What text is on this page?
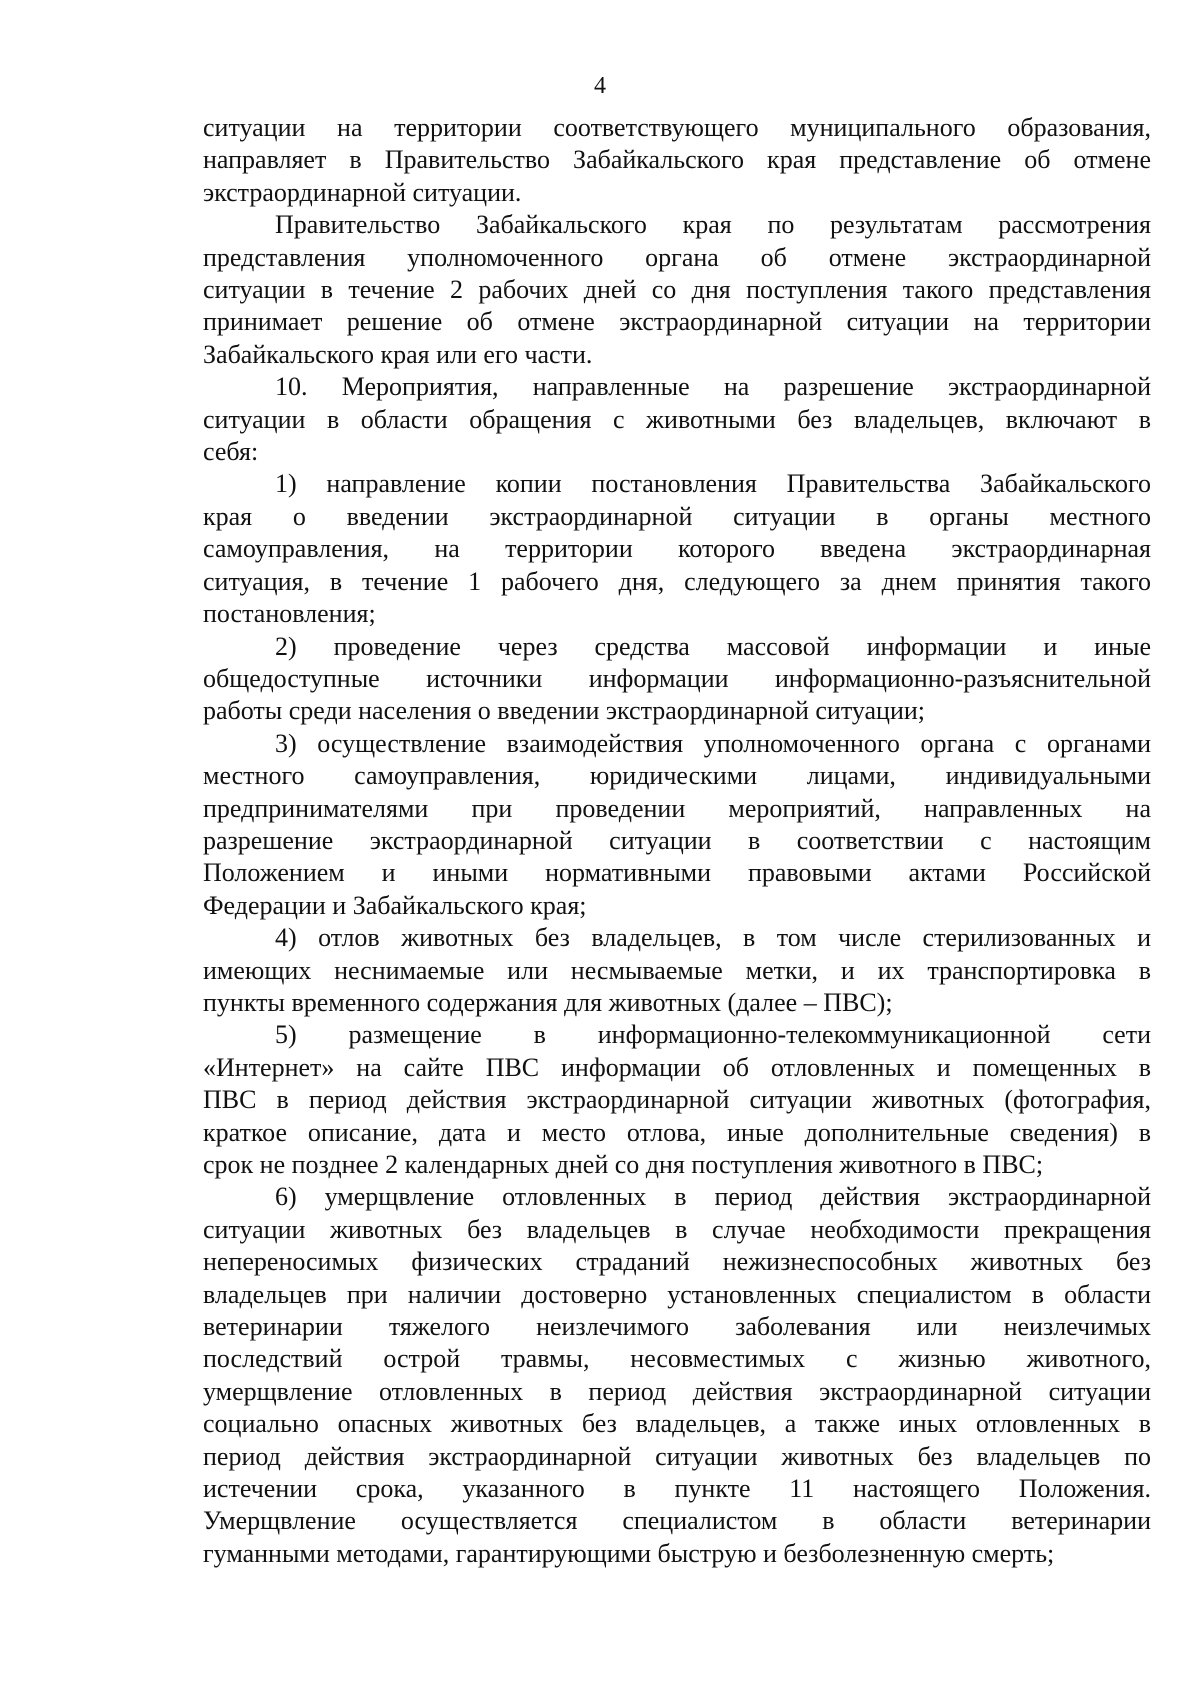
4
ситуации на территории соответствующего муниципального образования,
направляет в Правительство Забайкальского края представление об отмене
экстраординарной ситуации.
Правительство Забайкальского края по результатам рассмотрения
представления уполномоченного органа об отмене экстраординарной
ситуации в течение 2 рабочих дней со дня поступления такого представления
принимает решение об отмене экстраординарной ситуации на территории
Забайкальского края или его части.
10. Мероприятия, направленные на разрешение экстраординарной
ситуации в области обращения с животными без владельцев, включают в
себя:
1) направление копии постановления Правительства Забайкальского
края о введении экстраординарной ситуации в органы местного
самоуправления, на территории которого введена экстраординарная
ситуация, в течение 1 рабочего дня, следующего за днем принятия такого
постановления;
2) проведение через средства массовой информации и иные
общедоступные источники информации информационно-разъяснительной
работы среди населения о введении экстраординарной ситуации;
3) осуществление взаимодействия уполномоченного органа с органами
местного самоуправления, юридическими лицами, индивидуальными
предпринимателями при проведении мероприятий, направленных на
разрешение экстраординарной ситуации в соответствии с настоящим
Положением и иными нормативными правовыми актами Российской
Федерации и Забайкальского края;
4) отлов животных без владельцев, в том числе стерилизованных и
имеющих неснимаемые или несмываемые метки, и их транспортировка в
пункты временного содержания для животных (далее – ПВС);
5) размещение в информационно-телекоммуникационной сети
«Интернет» на сайте ПВС информации об отловленных и помещенных в
ПВС в период действия экстраординарной ситуации животных (фотография,
краткое описание, дата и место отлова, иные дополнительные сведения) в
срок не позднее 2 календарных дней со дня поступления животного в ПВС;
6) умерщвление отловленных в период действия экстраординарной
ситуации животных без владельцев в случае необходимости прекращения
непереносимых физических страданий нежизнеспособных животных без
владельцев при наличии достоверно установленных специалистом в области
ветеринарии тяжелого неизлечимого заболевания или неизлечимых
последствий острой травмы, несовместимых с жизнью животного,
умерщвление отловленных в период действия экстраординарной ситуации
социально опасных животных без владельцев, а также иных отловленных в
период действия экстраординарной ситуации животных без владельцев по
истечении срока, указанного в пункте 11 настоящего Положения.
Умерщвление осуществляется специалистом в области ветеринарии
гуманными методами, гарантирующими быструю и безболезненную смерть;
